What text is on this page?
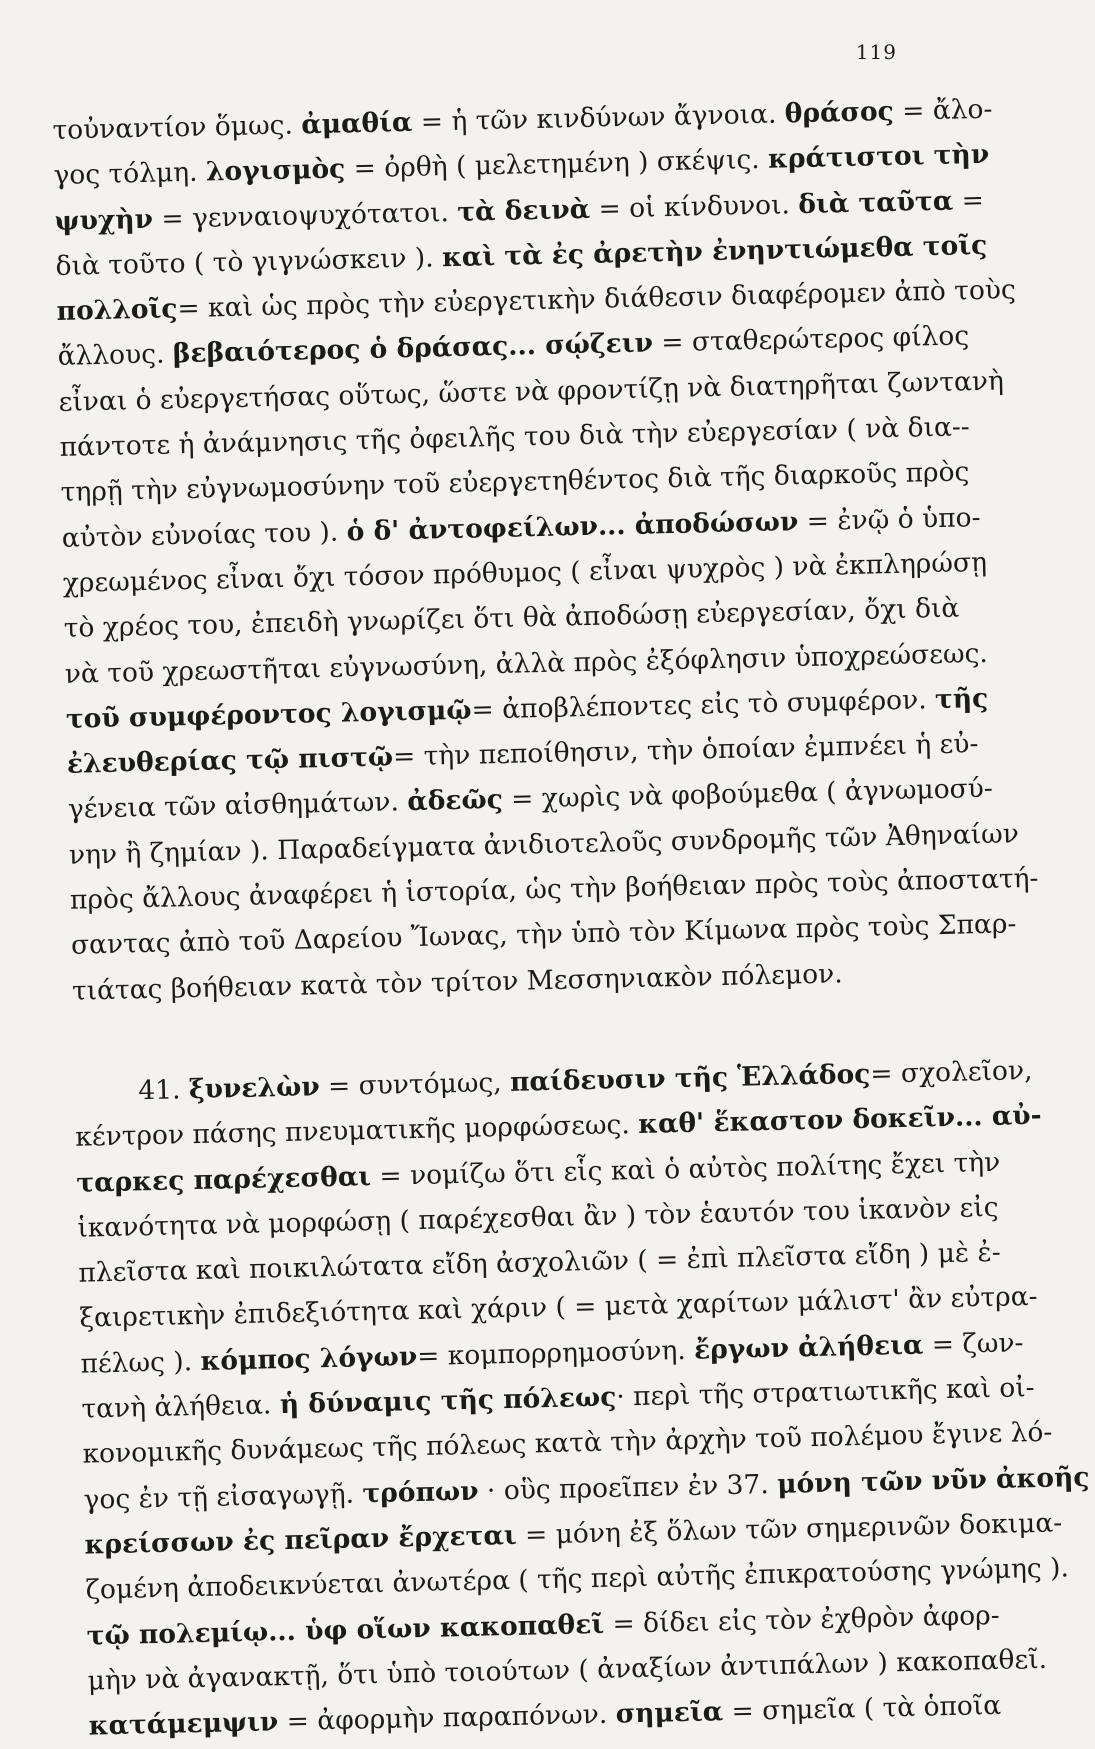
119
τοὐναντίον ὅμως. ἀμαθία = ἡ τῶν κινδύνων ἄγνοια. θράσος = ἄλο-
γος τόλμη. λογισμὸς = ὀρθὴ ( μελετημένη ) σκέψις. κράτιστοι τὴν
ψυχὴν = γενναιοψυχότατοι. τὰ δεινὰ = οἱ κίνδυνοι. διὰ ταῦτα =
διὰ τοῦτο ( τὸ γιγνώσκειν ). καὶ τὰ ἐς ἀρετὴν ἐνηντιώμεθα τοῖς
πολλοῖς= καὶ ὡς πρὸς τὴν εὐεργετικὴν διάθεσιν διαφέρομεν ἀπὸ τοὺς
ἄλλους. βεβαιότερος ὁ δράσας... σῴζειν = σταθερώτερος φίλος
εἶναι ὁ εὐεργετήσας οὕτως, ὥστε νὰ φροντίζῃ νὰ διατηρῆται ζωντανὴ
πάντοτε ἡ ἀνάμνησις τῆς ὀφειλῆς του διὰ τὴν εὐεργεσίαν ( νὰ δια--
τηρῇ τὴν εὐγνωμοσύνην τοῦ εὐεργετηθέντος διὰ τῆς διαρκοῦς πρὸς
αὐτὸν εὐνοίας του ). ὁ δ' ἀντοφείλων... ἀποδώσων = ἐνῷ ὁ ὑπο-
χρεωμένος εἶναι ὄχι τόσον πρόθυμος ( εἶναι ψυχρὸς ) νὰ ἐκπληρώσῃ
τὸ χρέος του, ἐπειδὴ γνωρίζει ὅτι θὰ ἀποδώσῃ εὐεργεσίαν, ὄχι διὰ
νὰ τοῦ χρεωστῆται εὐγνωσύνη, ἀλλὰ πρὸς ἐξόφλησιν ὑποχρεώσεως.
τοῦ συμφέροντος λογισμῷ= ἀποβλέποντες εἰς τὸ συμφέρον. τῆς
ἐλευθερίας τῷ πιστῷ= τὴν πεποίθησιν, τὴν ὁποίαν ἐμπνέει ἡ εὐ-
γένεια τῶν αἰσθημάτων. ἀδεῶς = χωρὶς νὰ φοβούμεθα ( ἀγνωμοσύ-
νην ἢ ζημίαν ). Παραδείγματα ἀνιδιοτελοῦς συνδρομῆς τῶν Ἀθηναίων
πρὸς ἄλλους ἀναφέρει ἡ ἱστορία, ὡς τὴν βοήθειαν πρὸς τοὺς ἀποστατή-
σαντας ἀπὸ τοῦ Δαρείου Ἴωνας, τὴν ὑπὸ τὸν Κίμωνα πρὸς τοὺς Σπαρ-
τιάτας βοήθειαν κατὰ τὸν τρίτον Μεσσηνιακὸν πόλεμον.
41. ξυνελὼν = συντόμως, παίδευσιν τῆς Ἑλλάδος= σχολεῖον,
κέντρον πάσης πνευματικῆς μορφώσεως. καθ' ἕκαστον δοκεῖν... αὐ-
ταρκες παρέχεσθαι = νομίζω ὅτι εἷς καὶ ὁ αὐτὸς πολίτης ἔχει τὴν
ἱκανότητα νὰ μορφώσῃ ( παρέχεσθαι ἂν ) τὸν ἑαυτόν του ἱκανὸν εἰς
πλεῖστα καὶ ποικιλώτατα εἴδη ἀσχολιῶν ( = ἐπὶ πλεῖστα εἴδη ) μὲ ἐ-
ξαιρετικὴν ἐπιδεξιότητα καὶ χάριν ( = μετὰ χαρίτων μάλιστ' ἂν εὐτρα-
πέλως ). κόμπος λόγων= κομπορρημοσύνη. ἔργων ἀλήθεια = ζων-
τανὴ ἀλήθεια. ἡ δύναμις τῆς πόλεως· περὶ τῆς στρατιωτικῆς καὶ οἰ-
κονομικῆς δυνάμεως τῆς πόλεως κατὰ τὴν ἀρχὴν τοῦ πολέμου ἔγινε λό-
γος ἐν τῇ εἰσαγωγῇ. τρόπων · οὓς προεῖπεν ἐν 37. μόνη τῶν νῦν ἀκοῆς
κρείσσων ἐς πεῖραν ἔρχεται = μόνη ἐξ ὅλων τῶν σημερινῶν δοκιμα-
ζομένη ἀποδεικνύεται ἀνωτέρα ( τῆς περὶ αὐτῆς ἐπικρατούσης γνώμης ).
τῷ πολεμίῳ... ὑφ οἵων κακοπαθεῖ = δίδει εἰς τὸν ἐχθρὸν ἀφορ-
μὴν νὰ ἀγανακτῇ, ὅτι ὑπὸ τοιούτων ( ἀναξίων ἀντιπάλων ) κακοπαθεῖ.
κατάμεμψιν = ἀφορμὴν παραπόνων. σημεῖα = σημεῖα ( τὰ ὁποῖα
